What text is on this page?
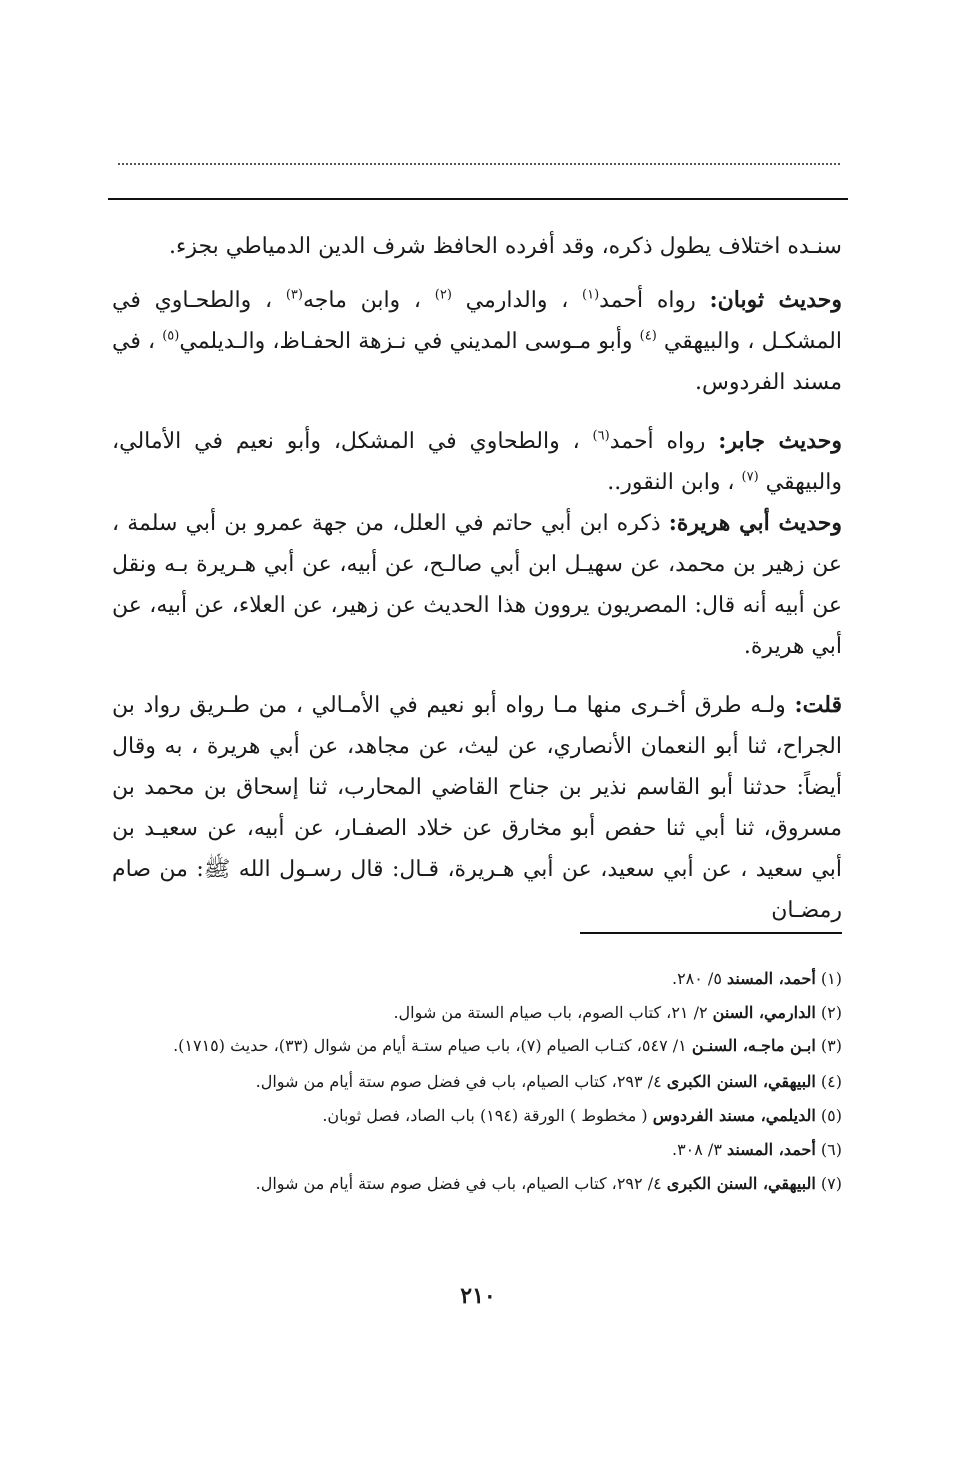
سنـده اختلاف يطول ذكره، وقد أفرده الحافظ شرف الدين الدمياطي بجزء.

وحديث ثوبان: رواه أحمد$^{(١)}$ ، والدارمي $^{(٢)}$ ، وابن ماجه$^{(٣)}$ ، والطحـاوي في المشكـل ، والبيهقي $^{(٤)}$ وأبو مـوسى المديني في نـزهة الحفـاظ، والـديلمي$^{(٥)}$ ، في مسند الفردوس.

وحديث جابر: رواه أحمد$^{(٦)}$ ، والطحاوي في المشكل، وأبو نعيم في الأمالي، والبيهقي $^{(٧)}$ ، وابن النقور..

وحديث أبي هريرة: ذكره ابن أبي حاتم في العلل، من جهة عمرو بن أبي سلمة ، عن زهير بن محمد، عن سهيـل ابن أبي صالـح، عن أبيه، عن أبي هـريرة بـه ونقل عن أبيه أنه قال: المصريون يروون هذا الحديث عن زهير، عن العلاء، عن أبيه، عن أبي هريرة.

قلت: ولـه طرق أخـرى منها مـا رواه أبو نعيم في الأمـالي ، من طـريق رواد بن الجراح، ثنا أبو النعمان الأنصاري، عن ليث، عن مجاهد، عن أبي هريرة ، به وقال أيضاً: حدثنا أبو القاسم نذير بن جناح القاضي المحارب، ثنا إسحاق بن محمد بن مسروق، ثنا أبي ثنا حفص أبو مخارق عن خلاد الصفـار، عن أبيه، عن سعيـد بن أبي سعيد ، عن أبي سعيد، عن أبي هـريرة، قـال: قال رسـول الله ﷺ: من صام رمضـان

(١) أحمد، المسند ٥/ ٢٨٠.

(٢) الدارمي، السنن ٢/ ٢١، كتاب الصوم، باب صيام الستة من شوال.

(٣) ابـن ماجـه، السنـن ١/ ٥٤٧، كتـاب الصيام (٧)، باب صيام ستـة أيام من شوال (٣٣)، حديث (١٧١٥).

(٤) البيهقي، السنن الكبرى ٤/ ٢٩٣، كتاب الصيام، باب في فضل صوم ستة أيام من شوال.

(٥) الديلمي، مسند الفردوس ( مخطوط ) الورقة (١٩٤) باب الصاد، فصل ثوبان.

(٦) أحمد، المسند ٣/ ٣٠٨.

(٧) البيهقي، السنن الكبرى ٤/ ٢٩٢، كتاب الصيام، باب في فضل صوم ستة أيام من شوال.

٢١٠
